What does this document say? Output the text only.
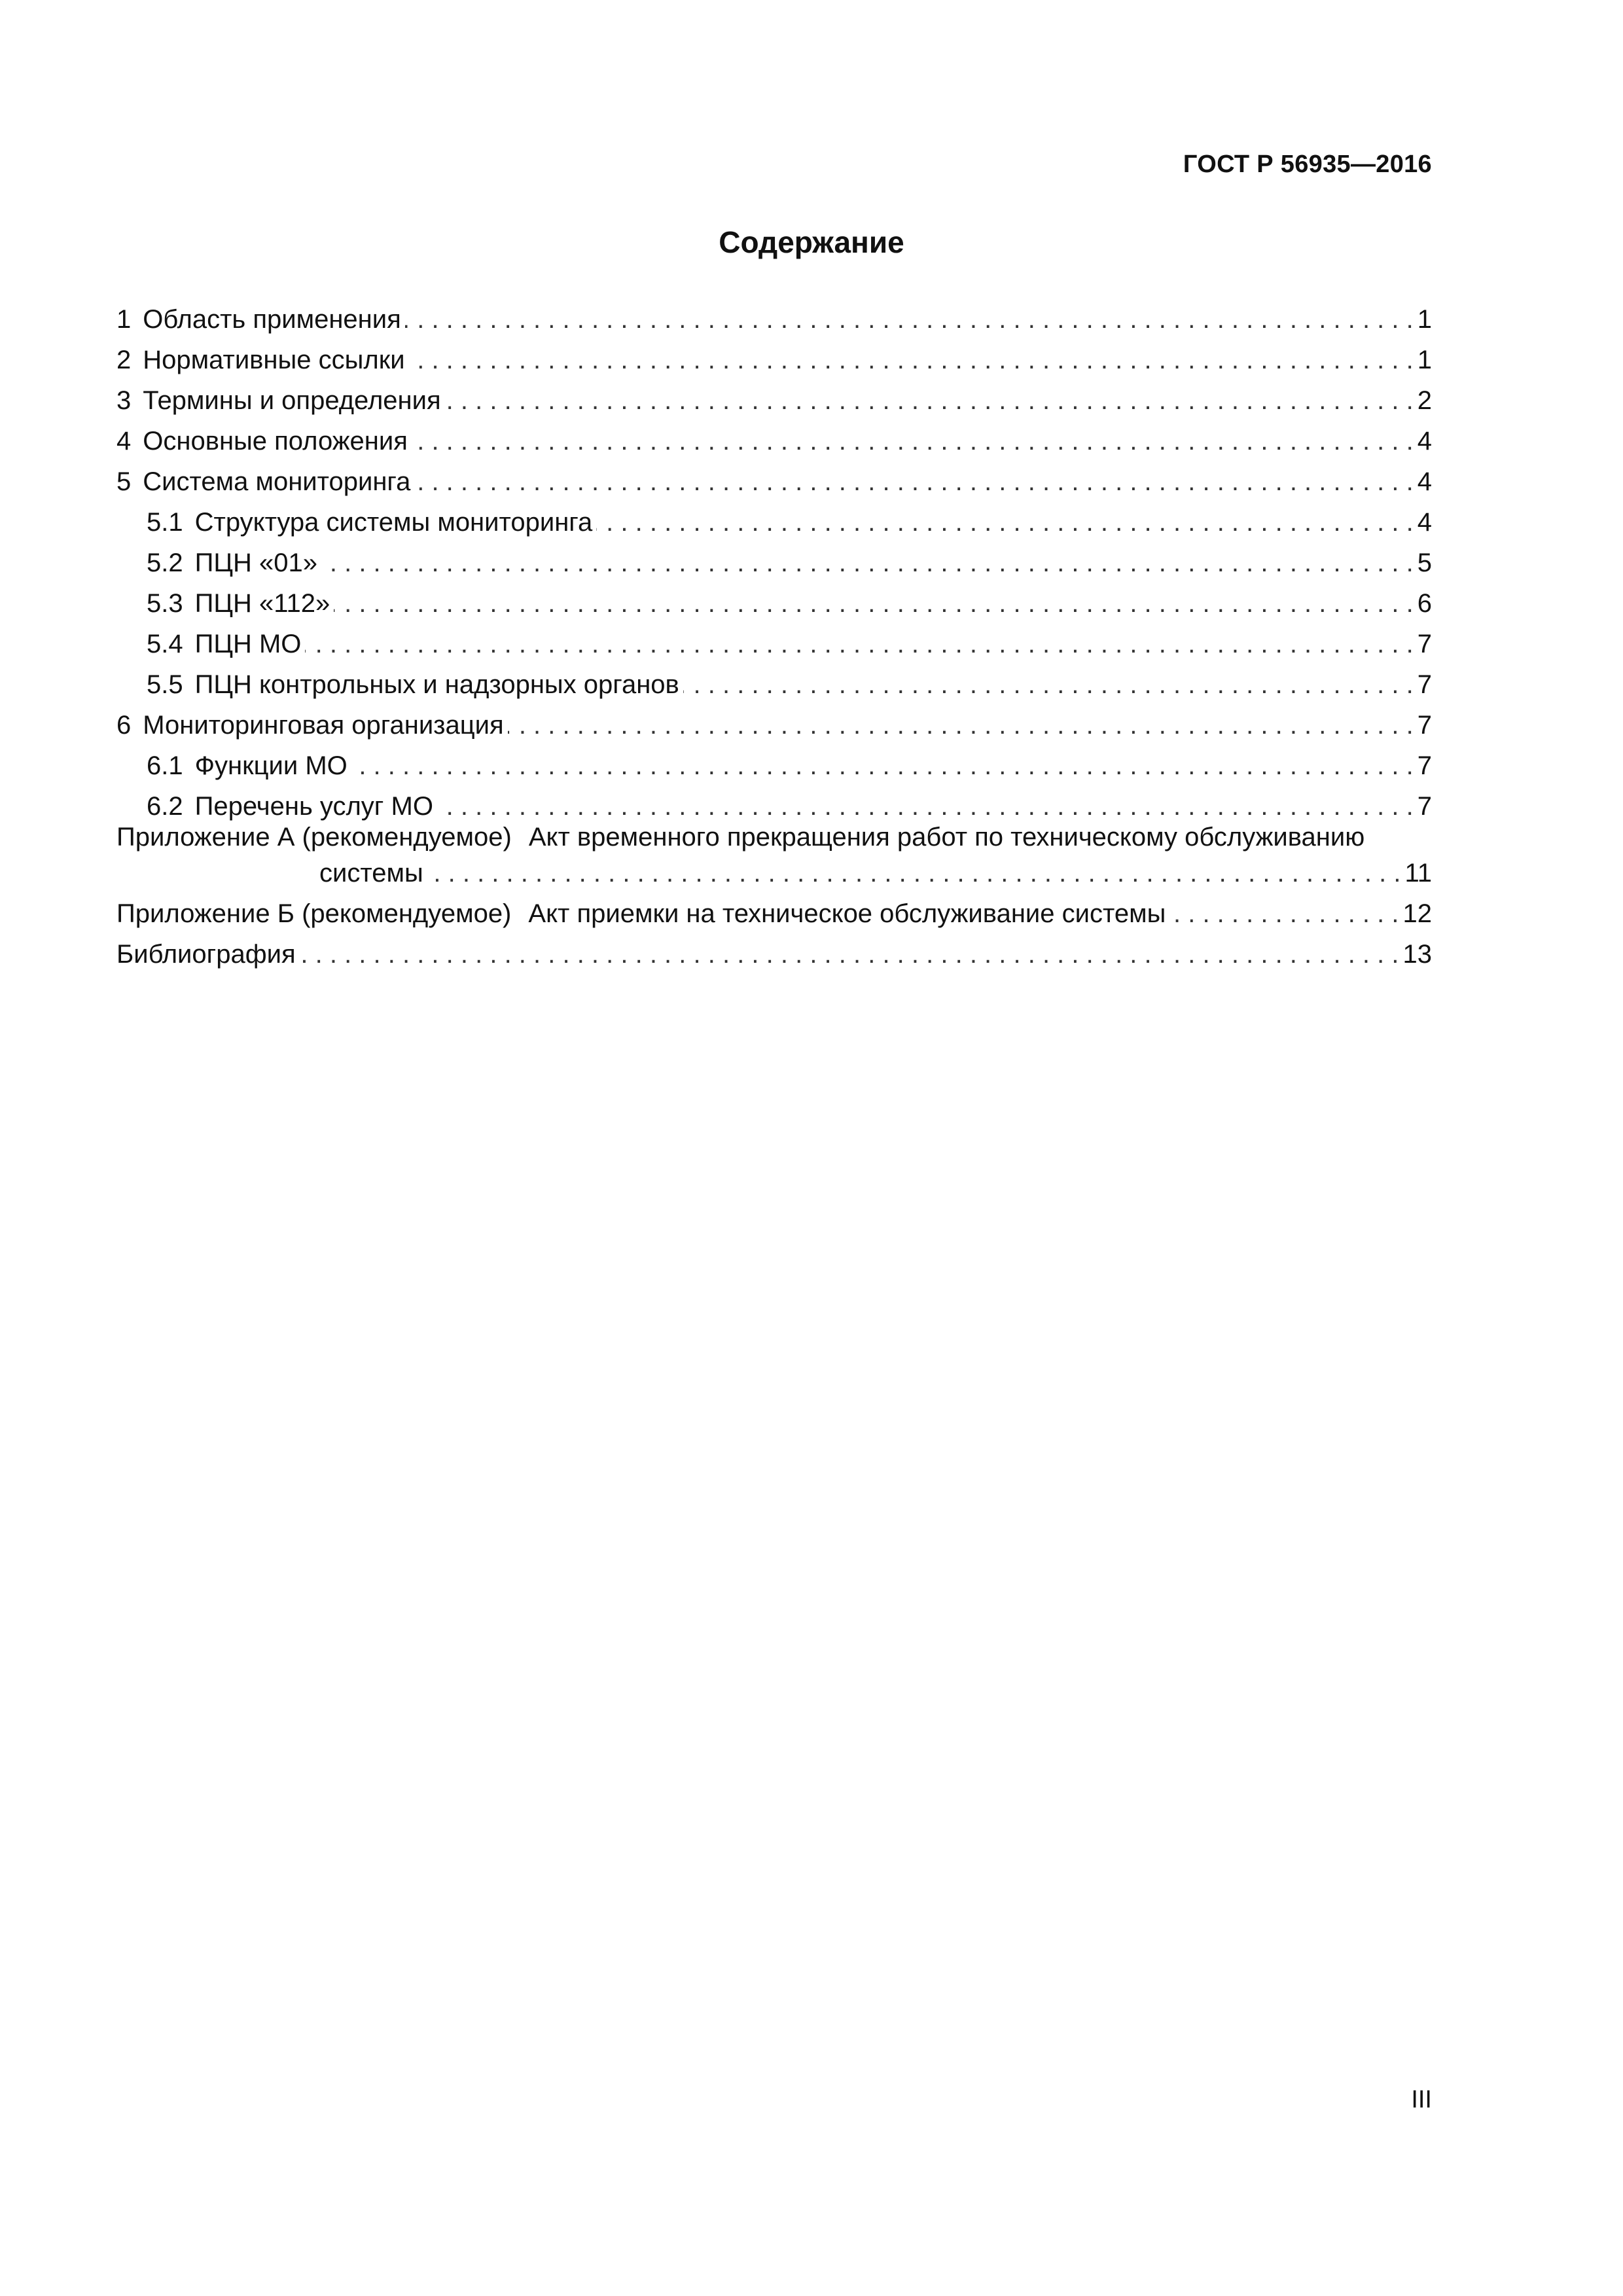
ГОСТ Р 56935—2016
Содержание
1 Область применения . . .	1
2 Нормативные ссылки . . .	1
3 Термины и определения . . .	2
4 Основные положения . . .	4
5 Система мониторинга . . .	4
5.1 Структура системы мониторинга . . .	4
5.2 ПЦН «01» . . .	5
5.3 ПЦН «112» . . .	6
5.4 ПЦН МО . . .	7
5.5 ПЦН контрольных и надзорных органов . . .	7
6 Мониторинговая организация . . .	7
6.1 Функции МО . . .	7
6.2 Перечень услуг МО . . .	7
Приложение А (рекомендуемое) Акт временного прекращения работ по техническому обслуживанию
системы . . .	11
Приложение Б (рекомендуемое) Акт приемки на техническое обслуживание системы . . .	12
Библиография . . .	13
III
